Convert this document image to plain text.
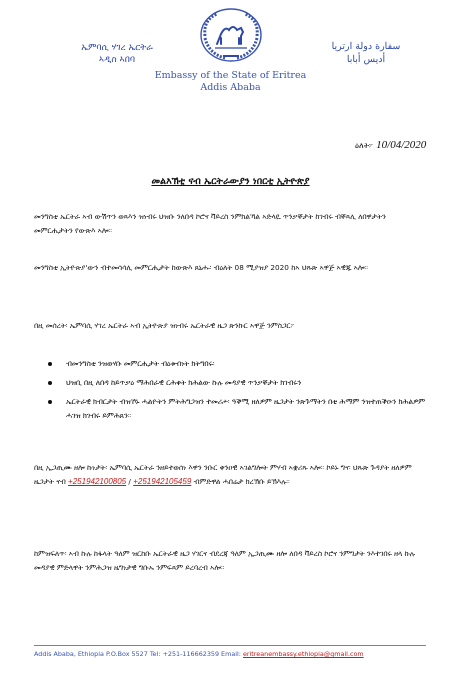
ኤምባሲ ሃገረ ኤርትራ
ኣዲስ ኣበባ
سفارة دولة ارتريا
أديس أبابا
Embassy of the State of Eritrea
Addis Ababa
ዕለት፦ 10/04/2020
መልእኽቲ ናብ ኤርትራውያን ነበርቲ ኢትዮጵያ
መንግስቲ ኤርትራ ኣብ ውሽጥን ወጻእን ዝነብሩ ህዝቡ ንለበዳ ኮሮና ቫይረስ ንምክልኻል ኣድላዪ ጥንቃቐታት ከገብሩ ብቐጻሊ ለበዋታትን መምርሒታትን የውጽእ ኣሎ።
መንግስቲ ኢትዮጵያ'ውን ብተመሳሳሊ መምርሒታት ከውጽእ ጸኒሑ፡ ብዕለት 08 ሚያዝያ 2020 ከኣ ህጹጽ ኣዋጅ ኣዊጁ ኣሎ።
በዚ መሰረት፡ ኤምባሲ ሃገረ ኤርትራ ኣብ ኢትዮጵያ ዝነብሩ ኤርትራዊ ዜጋ ጽንኩር ኣዋጅ ንምስጋር፦
ብመንግስቲ ንዝወሃቡ መምርሒታት ብዕቱብነት ክትግበሩ፡
ህዝቢ በዚ ለበዳ ከይጥቃዕ ማሕበራዊ ርሕቀት ክሕልው ኩሉ መዳያዊ ጥንቃቐታት ክገብሩን
ኤርትራዊ ክብርታት ብዝኾኑ ሓልዮትን ምትሕግጋዝን ተመሪሖ፡ ዓቕሚ ዘለዎም ዜጋታት ንጽጉማትን በቲ ሕማም ንዝተጠቕዑን ክሕልዎም ሓገዝ ክገብሩ ይምሕጸን።
በዚ ኢጋጢሙ ዘሎ ኩነታት፡ ኤምባሲ ኤርትራ ንዘይተወሰነ እዋን ንቡር ቀንዐዊ ኣገልግሎት ምሃብ ኣቋሪጹ ኣሎ። ኮይኑ ግና፡ ህጹጽ ጉዳያት ዘለዎም ዜጋታት ናብ +251942100805 / +251942105459 ብምድዋል ሓበሬታ ክረኽቡ ይኽእሉ።
ከምዝፍለጥ፡ ኣብ ኩሉ ከፋላት ዓለም ዝርከቡ ኤርትራዊ ዜጋ ሃገርና ብደረጃ ዓለም ኢጋጢሙ ዘሎ ለበዳ ቫይረስ ኮሮና ንምግታት ንእተገበሩ ዘላ ኩሉ መዳያዊ ምድላዋት ንምሕጋዝ ዜግነታዊ ግቡኡ ንምፍጻም ይረባረብ ኣሎ።
Addis Ababa, Ethiopia P.O.Box 5527 Tel: +251-116662359 Email: eritreanembassy.ethiopia@gmail.com
